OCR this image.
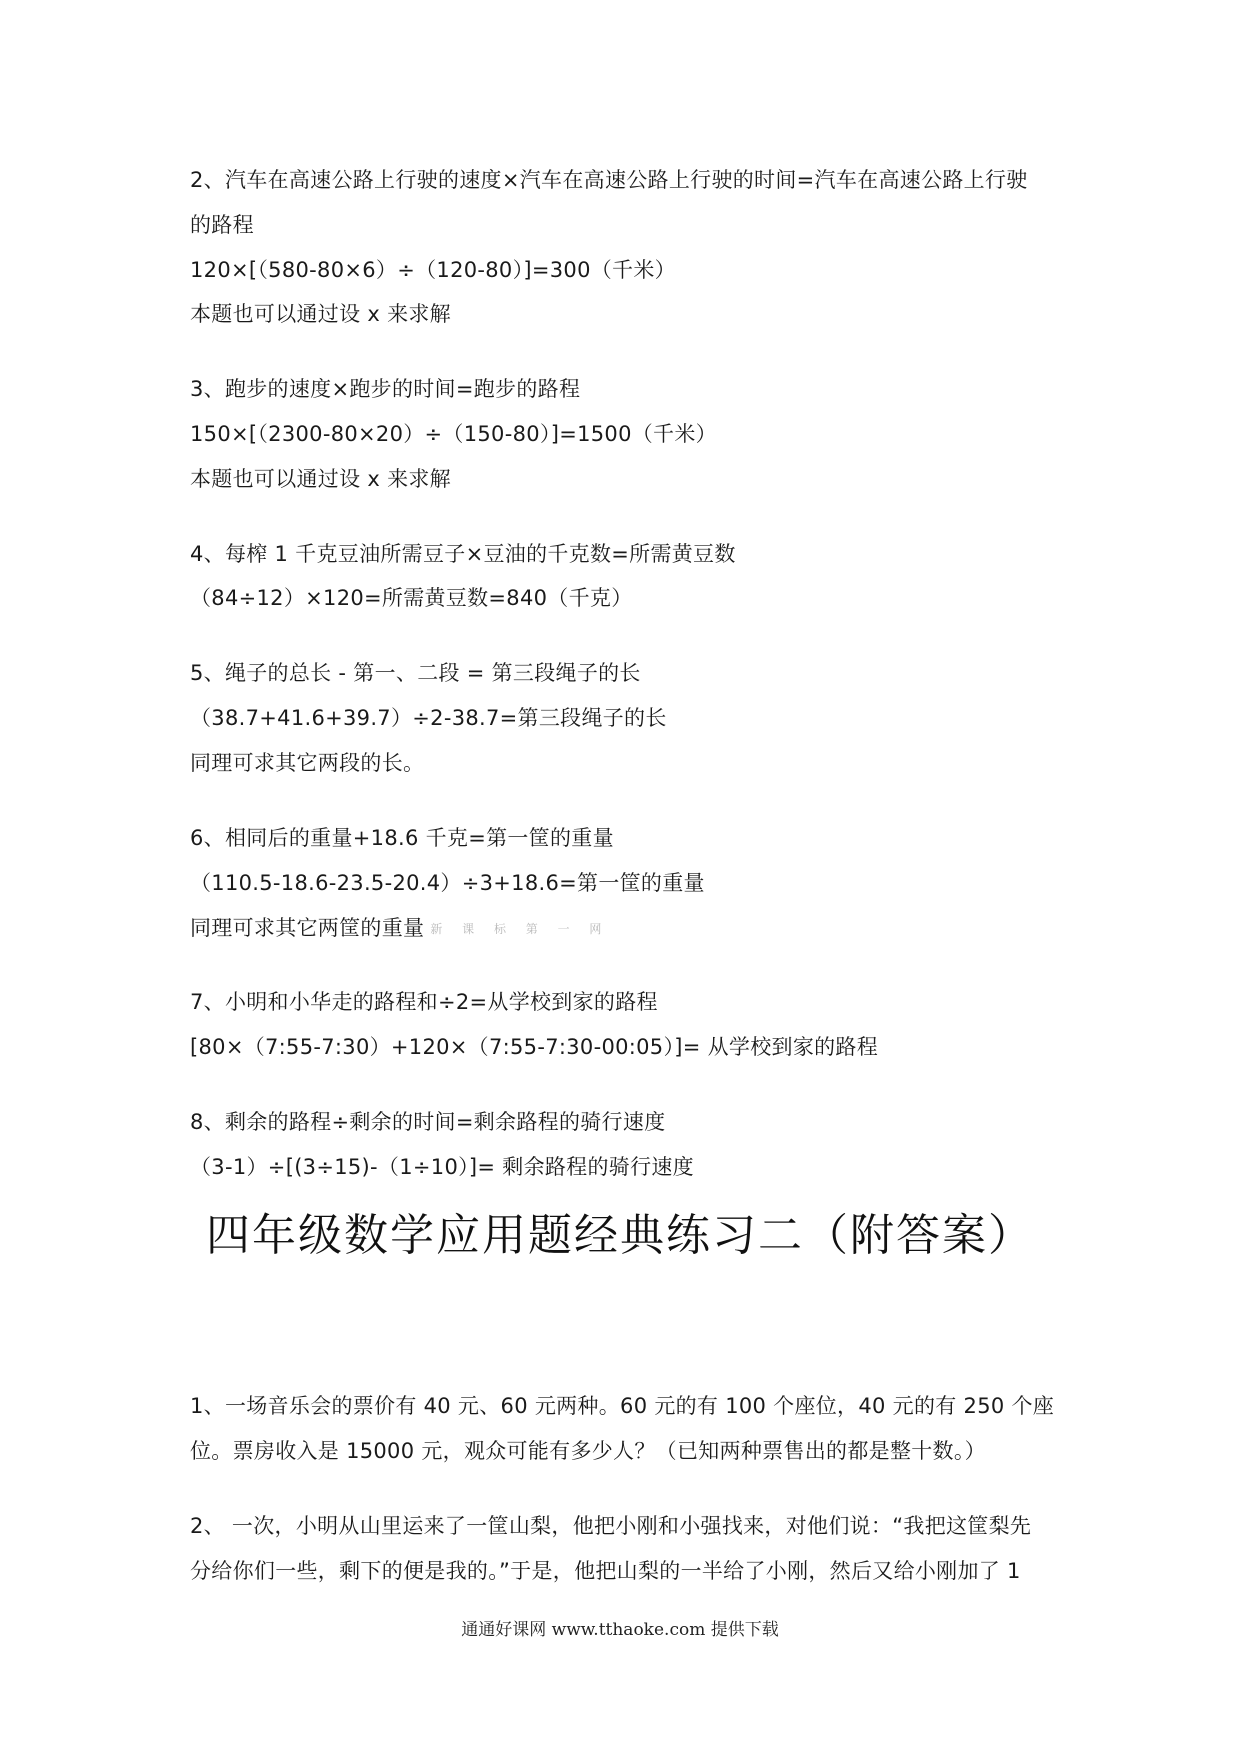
2、汽车在高速公路上行驶的速度×汽车在高速公路上行驶的时间=汽车在高速公路上行驶
的路程
120×[（580-80×6）÷（120-80）]=300（千米）
本题也可以通过设 x 来求解
3、跑步的速度×跑步的时间=跑步的路程
150×[（2300-80×20）÷（150-80）]=1500（千米）
本题也可以通过设 x 来求解
4、每榨 1 千克豆油所需豆子×豆油的千克数=所需黄豆数
（84÷12）×120=所需黄豆数=840（千克）
5、绳子的总长 - 第一、二段 = 第三段绳子的长
（38.7+41.6+39.7）÷2-38.7=第三段绳子的长
同理可求其它两段的长。
6、相同后的重量+18.6 千克=第一筐的重量
（110.5-18.6-23.5-20.4）÷3+18.6=第一筐的重量
同理可求其它两筐的重量 新 课 标 第 一 网
7、小明和小华走的路程和÷2=从学校到家的路程
[80×（7:55-7:30）+120×（7:55-7:30-00:05）]= 从学校到家的路程
8、剩余的路程÷剩余的时间=剩余路程的骑行速度
（3-1）÷[(3÷15)-（1÷10）]= 剩余路程的骑行速度
四年级数学应用题经典练习二（附答案）
1、一场音乐会的票价有 40 元、60 元两种。60 元的有 100 个座位，40 元的有 250 个座
位。票房收入是 15000 元，观众可能有多少人？（已知两种票售出的都是整十数。）
2、 一次，小明从山里运来了一筐山梨，他把小刚和小强找来，对他们说：“我把这筐梨先
分给你们一些，剩下的便是我的。”于是，他把山梨的一半给了小刚，然后又给小刚加了 1
通通好课网 www.tthaoke.com 提供下载
